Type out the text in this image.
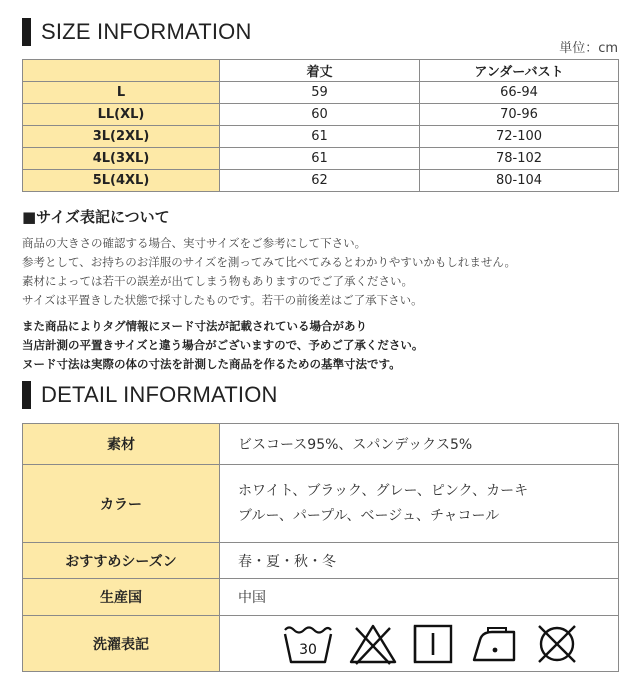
SIZE INFORMATION
単位：cm
	着丈	アンダーバスト
L	59	66-94
LL(XL)	60	70-96
3L(2XL)	61	72-100
4L(3XL)	61	78-102
5L(4XL)	62	80-104
■サイズ表記について
商品の大きさの確認する場合、実寸サイズをご参考にして下さい。
参考として、お持ちのお洋服のサイズを測ってみて比べてみるとわかりやすいかもしれません。
素材によっては若干の誤差が出てしまう物もありますのでご了承ください。
サイズは平置きした状態で採寸したものです。若干の前後差はご了承下さい。
また商品によりタグ情報にヌード寸法が記載されている場合があり
当店計測の平置きサイズと違う場合がございますので、予めご了承ください。
ヌード寸法は実際の体の寸法を計測した商品を作るための基準寸法です。
DETAIL INFORMATION
素材	ビスコース95%、スパンデックス5%
カラー	ホワイト、ブラック、グレー、ピンク、カーキ
ブルー、パープル、ベージュ、チャコール

おすすめシーズン	春・夏・秋・冬
生産国	中国
洗濯表記	30
